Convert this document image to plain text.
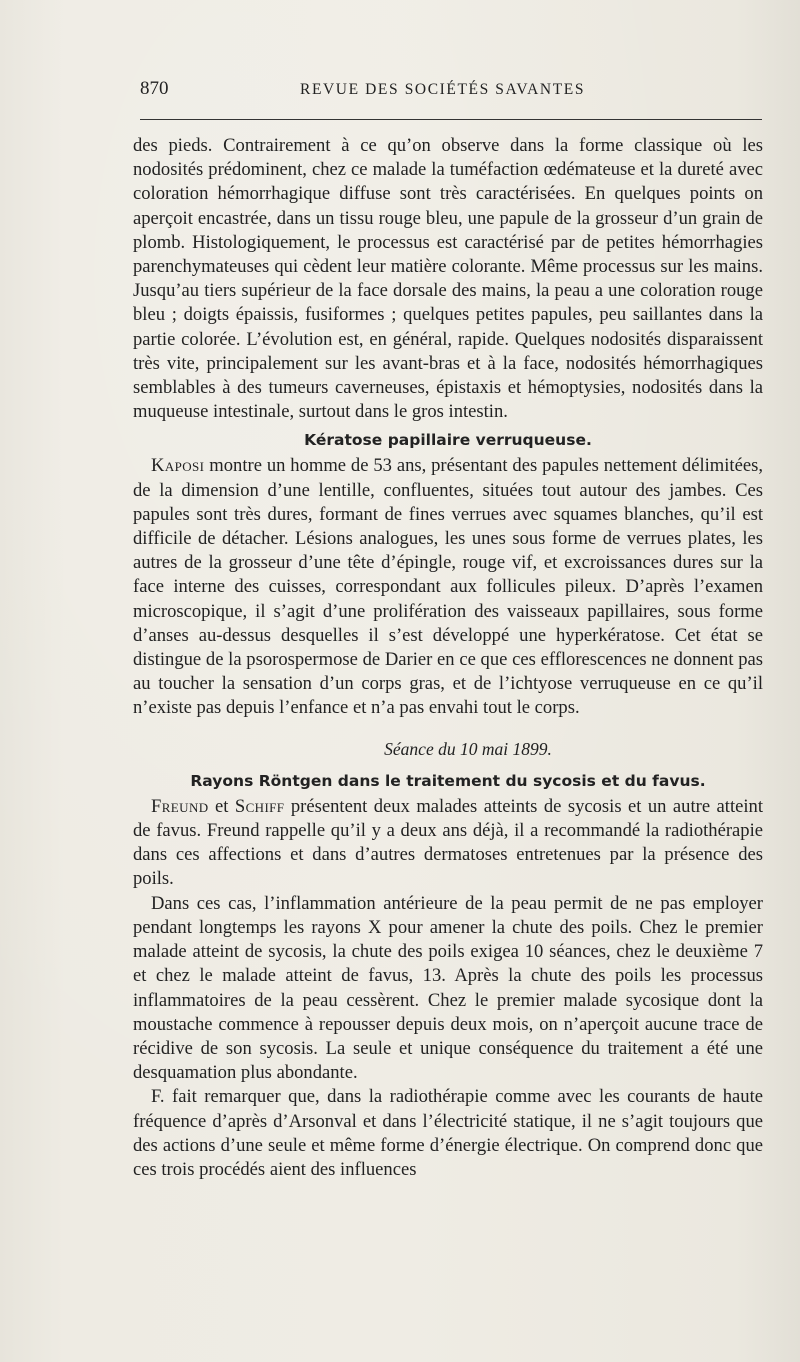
870	REVUE DES SOCIÉTÉS SAVANTES

des pieds. Contrairement à ce qu’on observe dans la forme classique où les nodosités prédominent, chez ce malade la tuméfaction œdémateuse et la dureté avec coloration hémorrhagique diffuse sont très caractérisées. En quelques points on aperçoit encastrée, dans un tissu rouge bleu, une papule de la grosseur d’un grain de plomb. Histologiquement, le processus est caractérisé par de petites hémorrhagies parenchymateuses qui cèdent leur matière colorante. Même processus sur les mains. Jusqu’au tiers supérieur de la face dorsale des mains, la peau a une coloration rouge bleu ; doigts épaissis, fusiformes ; quelques petites papules, peu saillantes dans la partie colorée. L’évolution est, en général, rapide. Quelques nodosités disparaissent très vite, principalement sur les avant-bras et à la face, nodosités hémorrhagiques semblables à des tumeurs caverneuses, épistaxis et hémoptysies, nodosités dans la muqueuse intestinale, surtout dans le gros intestin.

Kératose papillaire verruqueuse.

Kaposi montre un homme de 53 ans, présentant des papules nettement délimitées, de la dimension d’une lentille, confluentes, situées tout autour des jambes. Ces papules sont très dures, formant de fines verrues avec squames blanches, qu’il est difficile de détacher. Lésions analogues, les unes sous forme de verrues plates, les autres de la grosseur d’une tête d’épingle, rouge vif, et excroissances dures sur la face interne des cuisses, correspondant aux follicules pileux. D’après l’examen microscopique, il s’agit d’une prolifération des vaisseaux papillaires, sous forme d’anses au-dessus desquelles il s’est développé une hyperkératose. Cet état se distingue de la psorospermose de Darier en ce que ces efflorescences ne donnent pas au toucher la sensation d’un corps gras, et de l’ichtyose verruqueuse en ce qu’il n’existe pas depuis l’enfance et n’a pas envahi tout le corps.

Séance du 10 mai 1899.
Rayons Röntgen dans le traitement du sycosis et du favus.

Freund et Schiff présentent deux malades atteints de sycosis et un autre atteint de favus. Freund rappelle qu’il y a deux ans déjà, il a recommandé la radiothérapie dans ces affections et dans d’autres dermatoses entretenues par la présence des poils.

Dans ces cas, l’inflammation antérieure de la peau permit de ne pas employer pendant longtemps les rayons X pour amener la chute des poils. Chez le premier malade atteint de sycosis, la chute des poils exigea 10 séances, chez le deuxième 7 et chez le malade atteint de favus, 13. Après la chute des poils les processus inflammatoires de la peau cessèrent. Chez le premier malade sycosique dont la moustache commence à repousser depuis deux mois, on n’aperçoit aucune trace de récidive de son sycosis. La seule et unique conséquence du traitement a été une desquamation plus abondante.

F. fait remarquer que, dans la radiothérapie comme avec les courants de haute fréquence d’après d’Arsonval et dans l’électricité statique, il ne s’agit toujours que des actions d’une seule et même forme d’énergie électrique. On comprend donc que ces trois procédés aient des influences
